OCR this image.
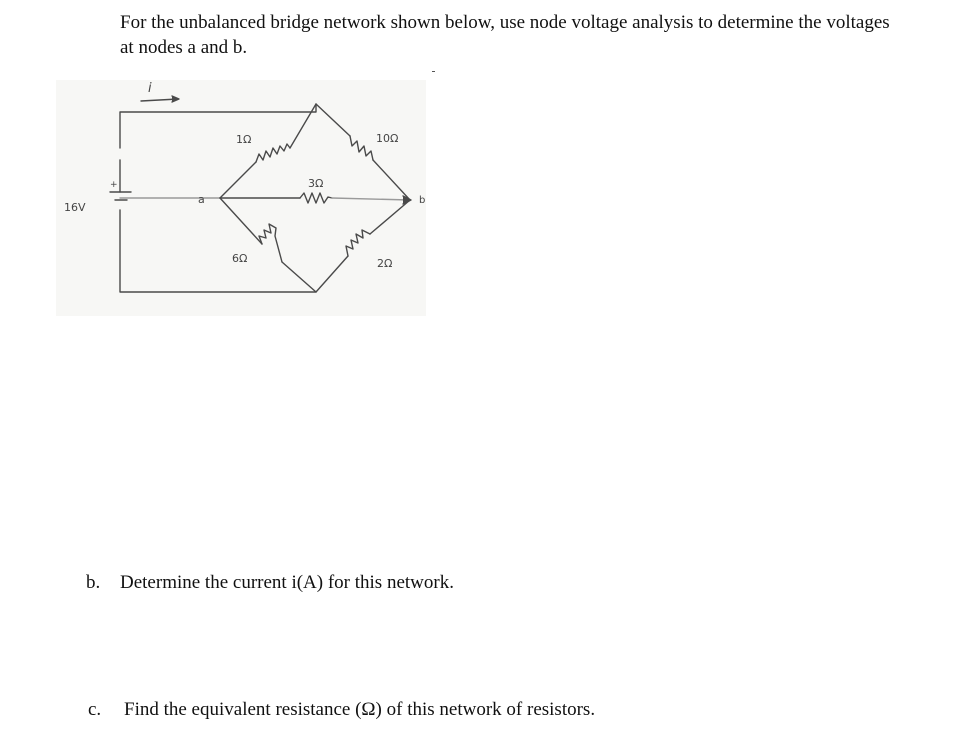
For the unbalanced bridge network shown below, use node voltage analysis to determine the voltages
at nodes a and b.
16V
+
i
a	b
1Ω	10Ω
3Ω
6Ω	2Ω

b. Determine the current i(A) for this network.

c. Find the equivalent resistance (Ω) of this network of resistors.
